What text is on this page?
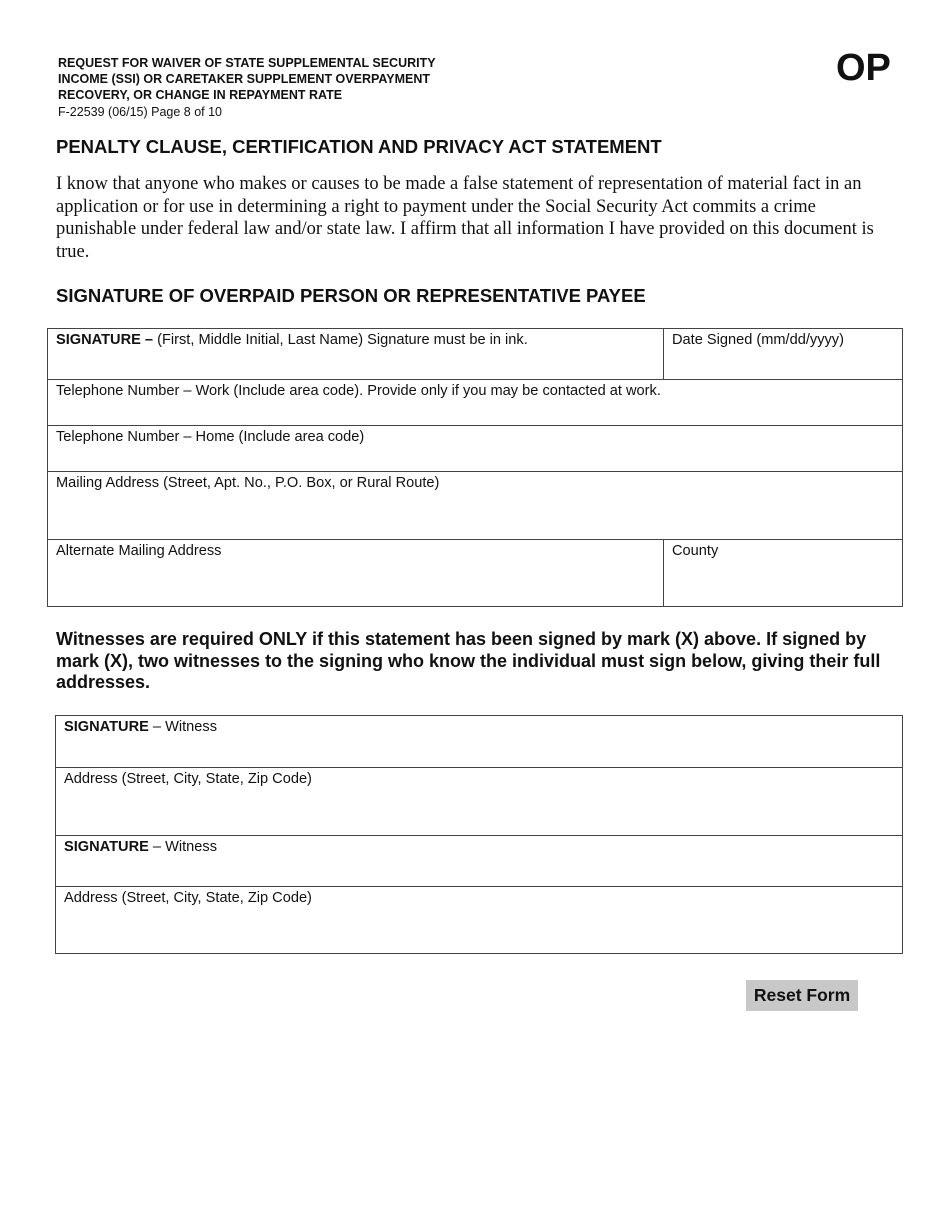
REQUEST FOR WAIVER OF STATE SUPPLEMENTAL SECURITY
INCOME (SSI) OR CARETAKER SUPPLEMENT OVERPAYMENT
RECOVERY, OR CHANGE IN REPAYMENT RATE
F-22539 (06/15) Page 8 of 10
OP
PENALTY CLAUSE, CERTIFICATION AND PRIVACY ACT STATEMENT
I know that anyone who makes or causes to be made a false statement of representation of material fact in an application or for use in determining a right to payment under the Social Security Act commits a crime punishable under federal law and/or state law. I affirm that all information I have provided on this document is true.
SIGNATURE OF OVERPAID PERSON OR REPRESENTATIVE PAYEE
SIGNATURE – (First, Middle Initial, Last Name) Signature must be in ink.	Date Signed (mm/dd/yyyy)
Telephone Number – Work (Include area code). Provide only if you may be contacted at work.
Telephone Number – Home (Include area code)
Mailing Address (Street, Apt. No., P.O. Box, or Rural Route)
Alternate Mailing Address	County
Witnesses are required ONLY if this statement has been signed by mark (X) above. If signed by mark (X), two witnesses to the signing who know the individual must sign below, giving their full addresses.
SIGNATURE – Witness
Address (Street, City, State, Zip Code)
SIGNATURE – Witness
Address (Street, City, State, Zip Code)
Reset Form
